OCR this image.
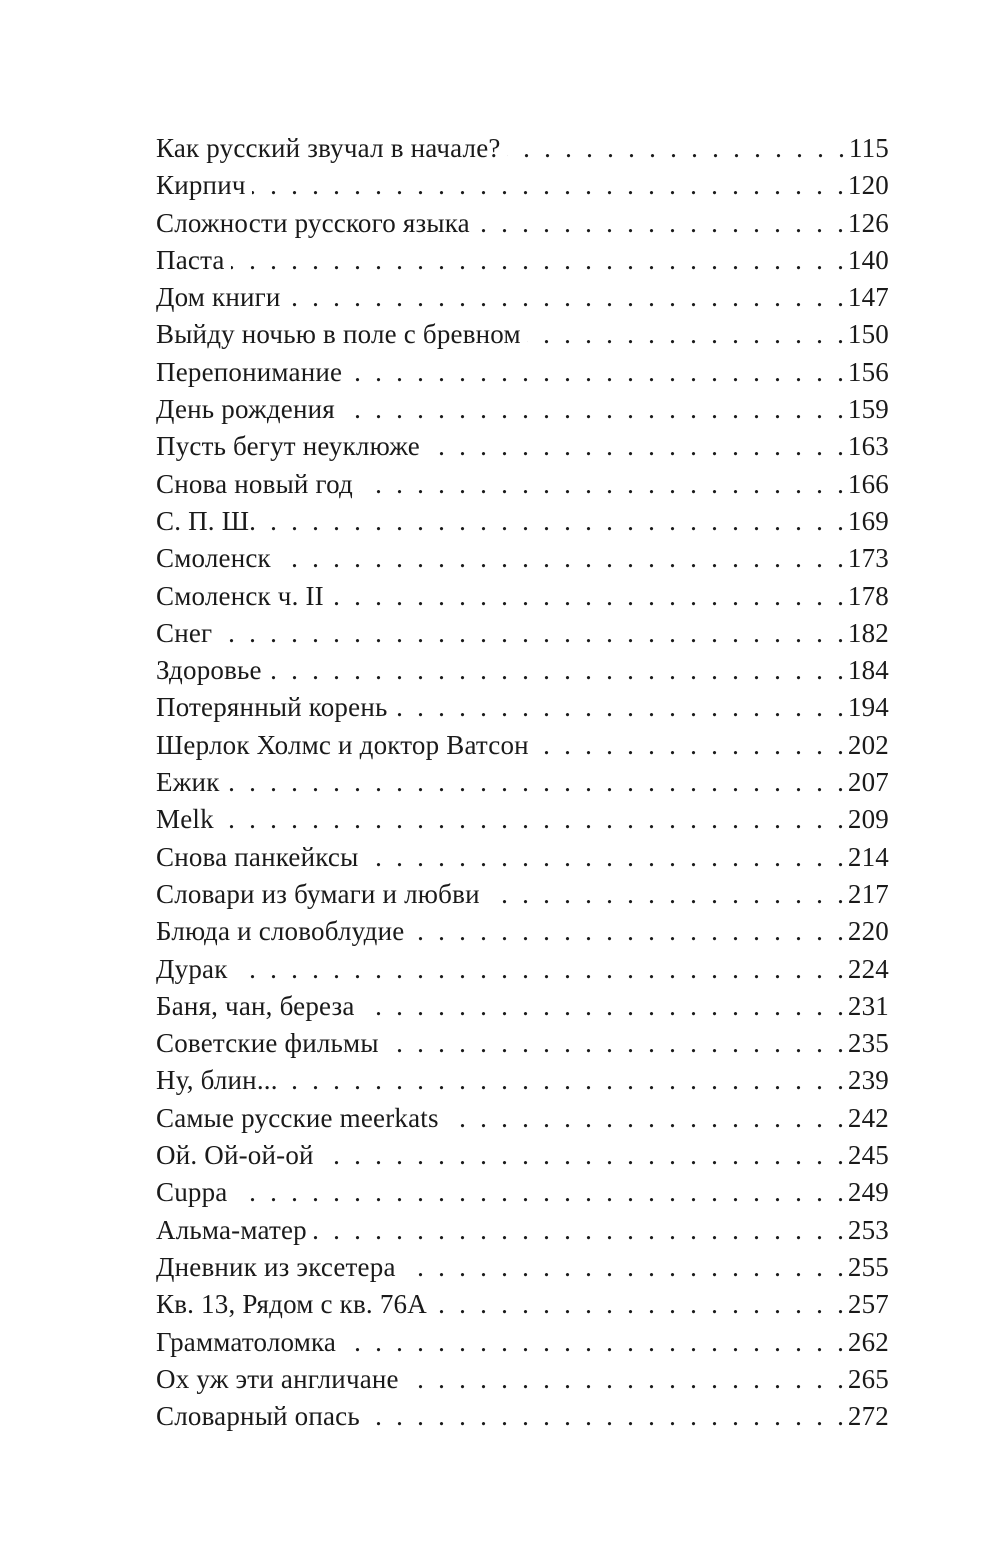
Как русский звучал в начале? . . .	115
Кирпич . . .	120
Сложности русского языка . . .	126
Паста . . .	140
Дом книги . . .	147
Выйду ночью в поле с бревном . . .	150
Перепонимание . . .	156
День рождения . . .	159
Пусть бегут неуклюже . . .	163
Снова новый год . . .	166
С. П. Ш. . . .	169
Смоленск . . .	173
Смоленск ч. II . . .	178
Снег . . .	182
Здоровье . . .	184
Потерянный корень . . .	194
Шерлок Холмс и доктор Ватсон . . .	202
Ежик . . .	207
Melk . . .	209
Снова панкейксы . . .	214
Словари из бумаги и любви . . .	217
Блюда и словоблудие . . .	220
Дурак . . .	224
Баня, чан, береза . . .	231
Советские фильмы . . .	235
Ну, блин... . . .	239
Самые русские meerkats . . .	242
Ой. Ой-ой-ой . . .	245
Cuppa . . .	249
Альма-матер . . .	253
Дневник из эксетера . . .	255
Кв. 13, Рядом с кв. 76А . . .	257
Грамматоломка . . .	262
Ох уж эти англичане . . .	265
Словарный опась . . .	272
